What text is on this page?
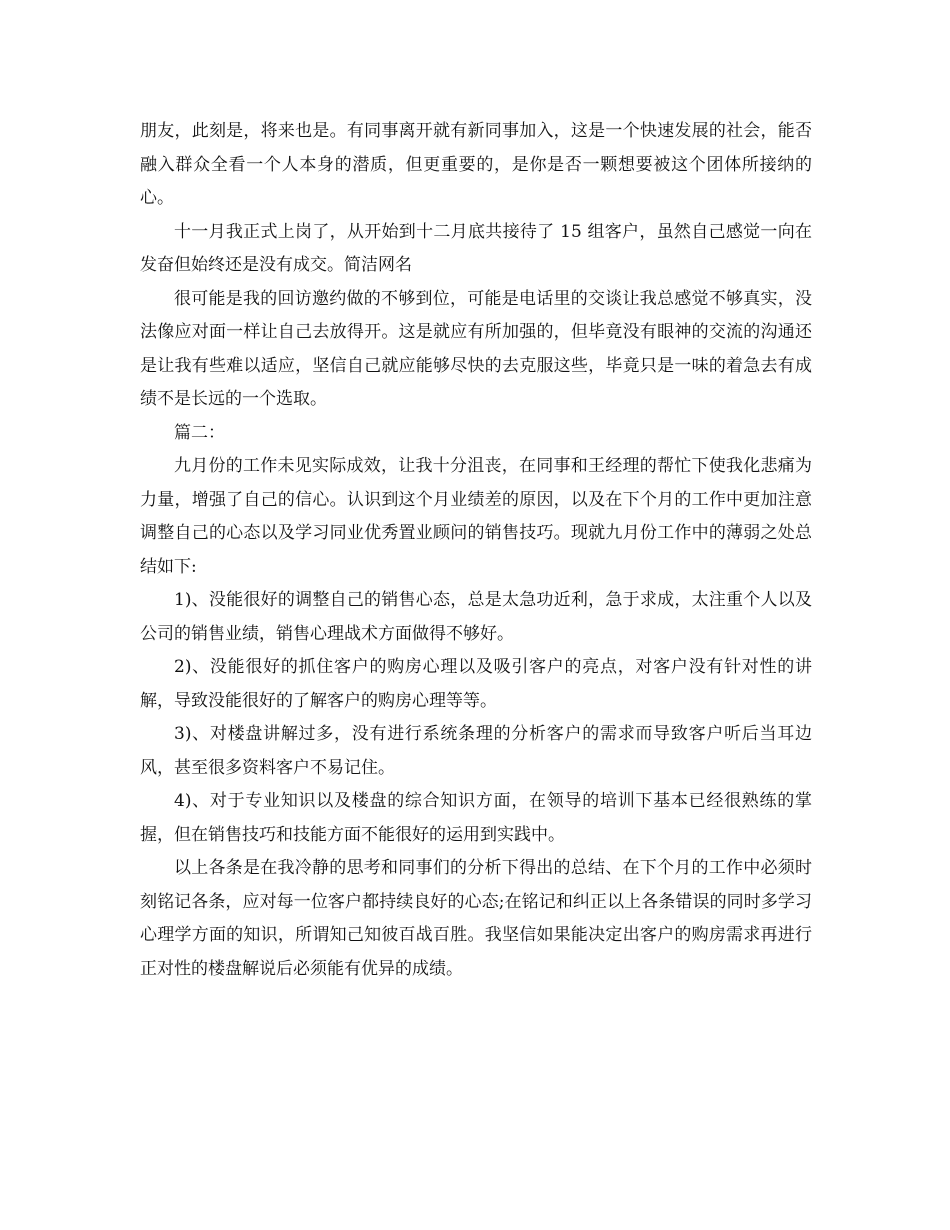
朋友，此刻是，将来也是。有同事离开就有新同事加入，这是一个快速发展的社会，能否融入群众全看一个人本身的潜质，但更重要的，是你是否一颗想要被这个团体所接纳的心。

十一月我正式上岗了，从开始到十二月底共接待了 15 组客户，虽然自己感觉一向在发奋但始终还是没有成交。简洁网名

很可能是我的回访邀约做的不够到位，可能是电话里的交谈让我总感觉不够真实，没法像应对面一样让自己去放得开。这是就应有所加强的，但毕竟没有眼神的交流的沟通还是让我有些难以适应，坚信自己就应能够尽快的去克服这些，毕竟只是一味的着急去有成绩不是长远的一个选取。

篇二：

九月份的工作未见实际成效，让我十分沮丧，在同事和王经理的帮忙下使我化悲痛为力量，增强了自己的信心。认识到这个月业绩差的原因，以及在下个月的工作中更加注意调整自己的心态以及学习同业优秀置业顾问的销售技巧。现就九月份工作中的薄弱之处总结如下:

1)、没能很好的调整自己的销售心态，总是太急功近利，急于求成，太注重个人以及公司的销售业绩，销售心理战术方面做得不够好。

2)、没能很好的抓住客户的购房心理以及吸引客户的亮点，对客户没有针对性的讲解，导致没能很好的了解客户的购房心理等等。

3)、对楼盘讲解过多，没有进行系统条理的分析客户的需求而导致客户听后当耳边风，甚至很多资料客户不易记住。

4)、对于专业知识以及楼盘的综合知识方面，在领导的培训下基本已经很熟练的掌握，但在销售技巧和技能方面不能很好的运用到实践中。

以上各条是在我冷静的思考和同事们的分析下得出的总结、在下个月的工作中必须时刻铭记各条，应对每一位客户都持续良好的心态;在铭记和纠正以上各条错误的同时多学习心理学方面的知识，所谓知己知彼百战百胜。我坚信如果能决定出客户的购房需求再进行正对性的楼盘解说后必须能有优异的成绩。
